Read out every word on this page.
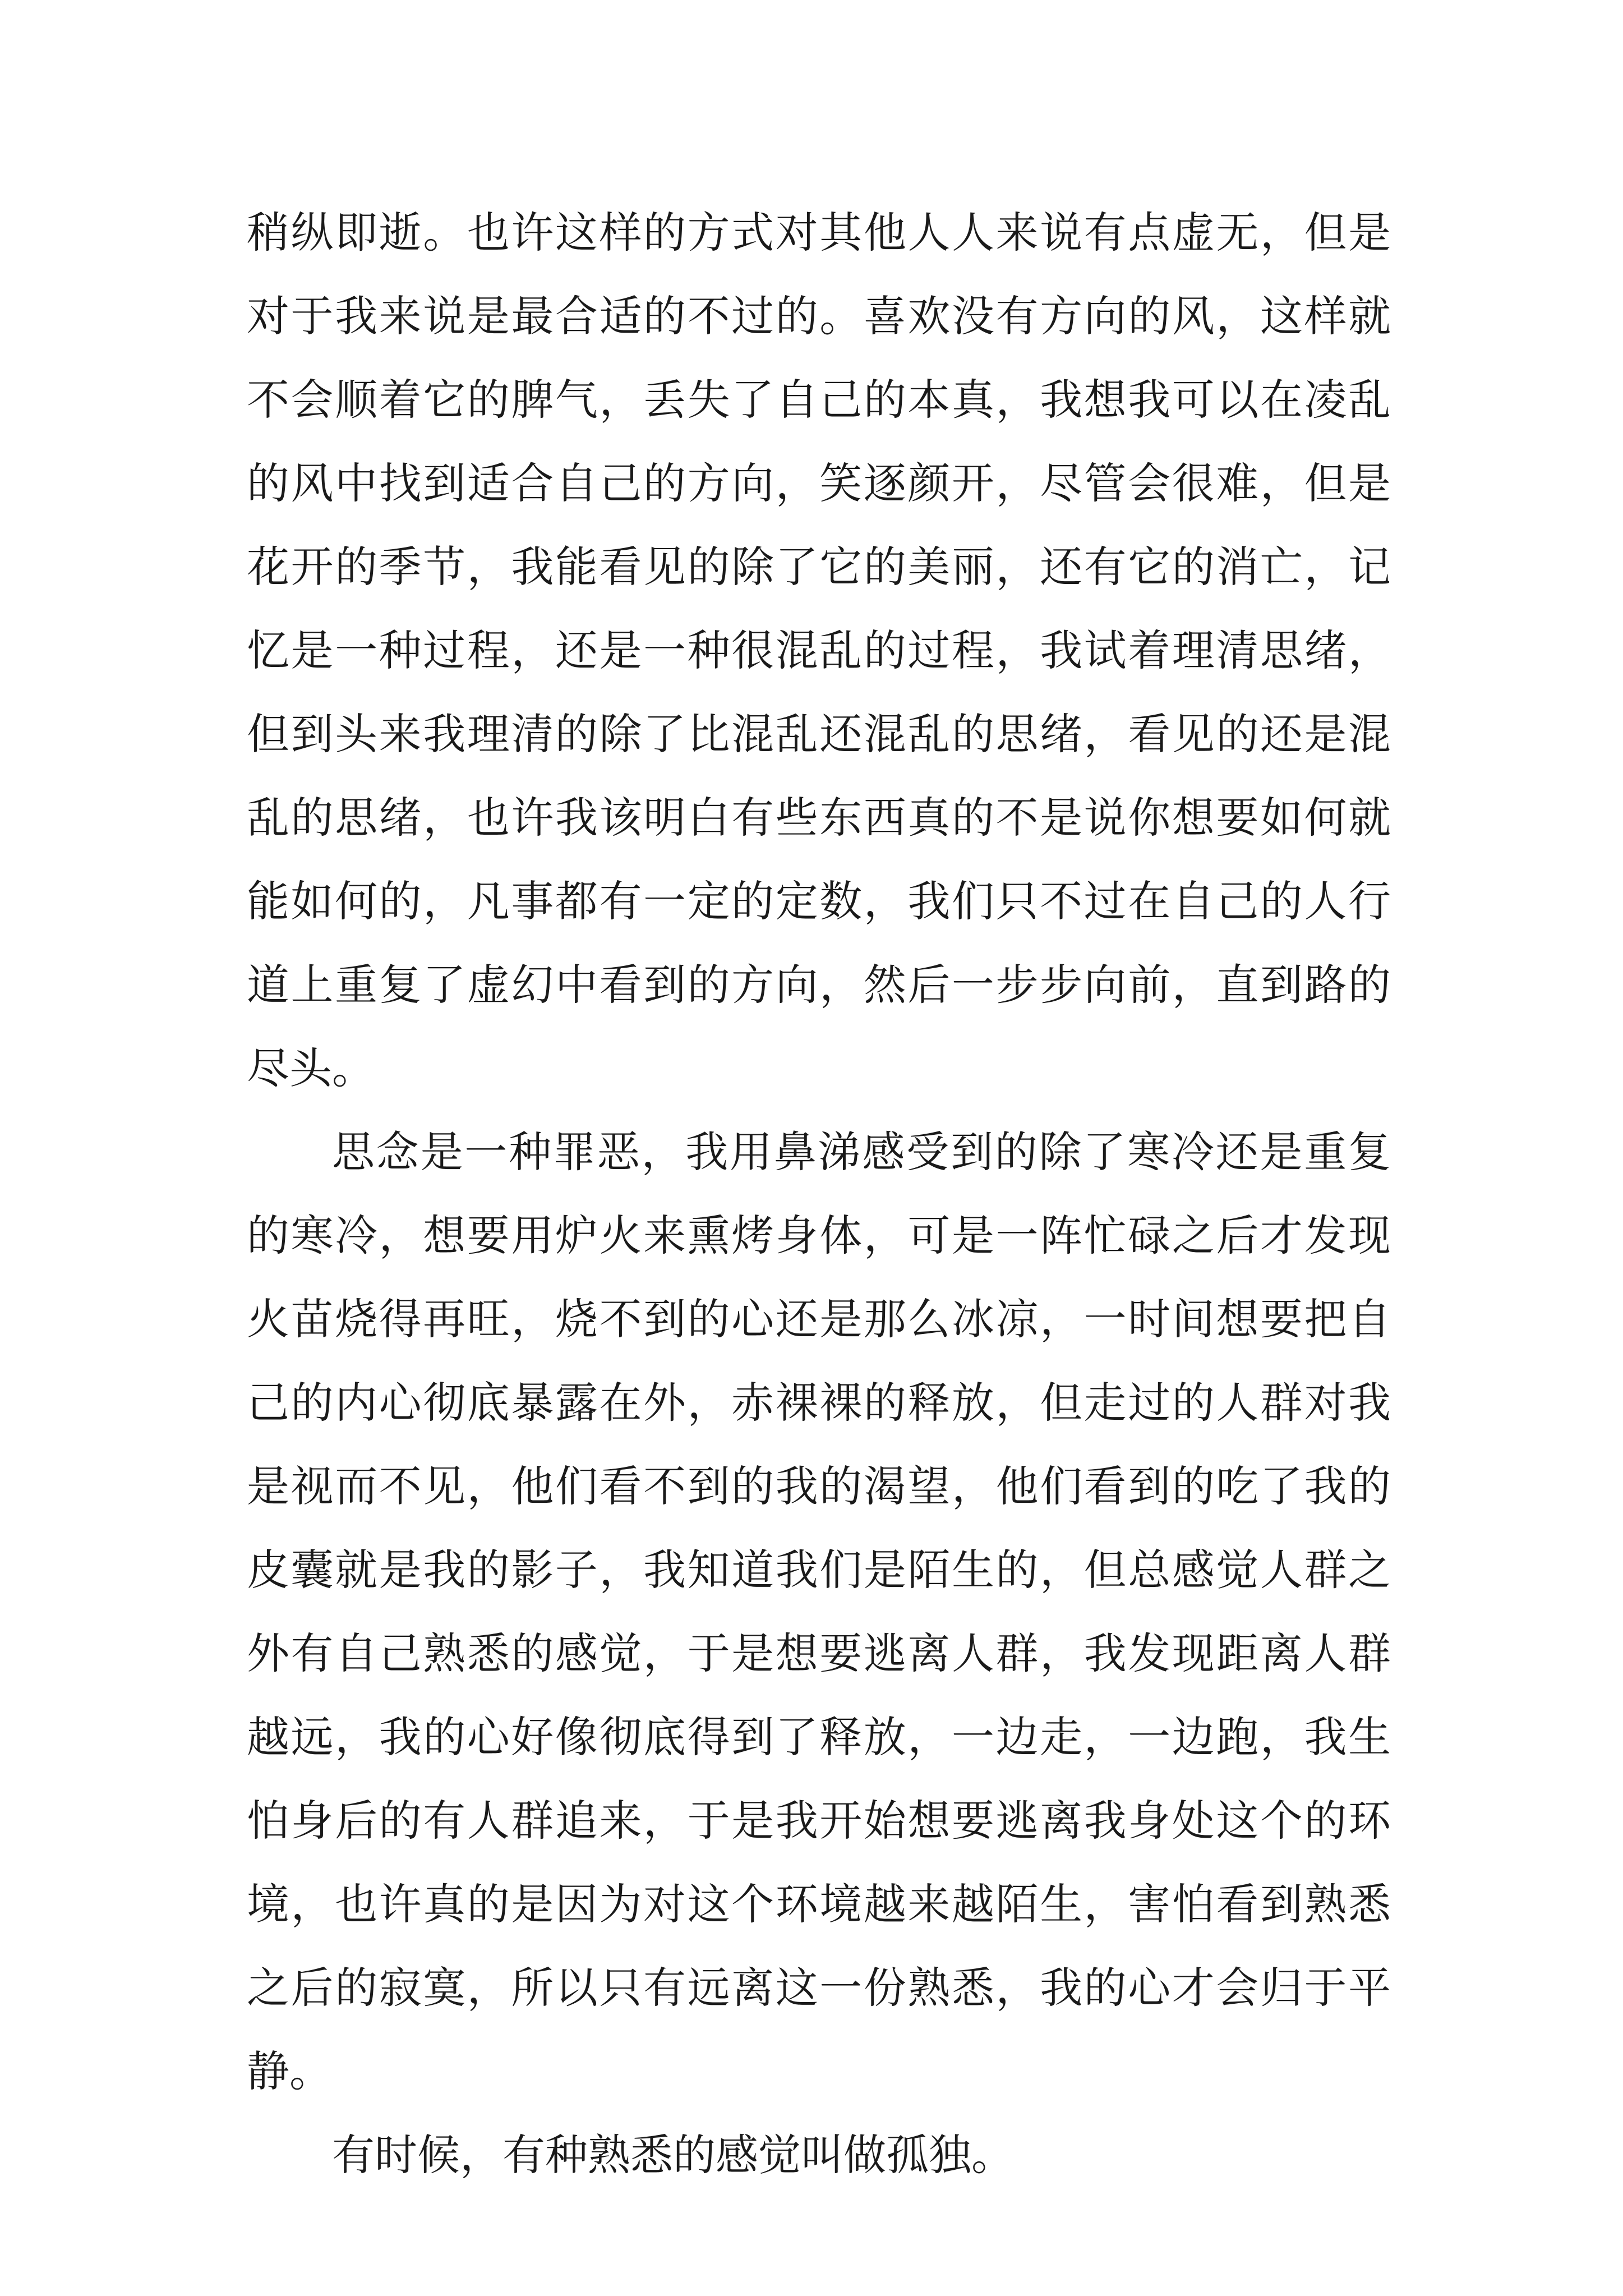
稍纵即逝。也许这样的方式对其他人人来说有点虚无，但是对于我来说是最合适的不过的。喜欢没有方向的风，这样就不会顺着它的脾气，丢失了自己的本真，我想我可以在凌乱的风中找到适合自己的方向，笑逐颜开，尽管会很难，但是花开的季节，我能看见的除了它的美丽，还有它的消亡，记忆是一种过程，还是一种很混乱的过程，我试着理清思绪，但到头来我理清的除了比混乱还混乱的思绪，看见的还是混乱的思绪，也许我该明白有些东西真的不是说你想要如何就能如何的，凡事都有一定的定数，我们只不过在自己的人行道上重复了虚幻中看到的方向，然后一步步向前，直到路的尽头。

思念是一种罪恶，我用鼻涕感受到的除了寒冷还是重复的寒冷，想要用炉火来熏烤身体，可是一阵忙碌之后才发现火苗烧得再旺，烧不到的心还是那么冰凉，一时间想要把自己的内心彻底暴露在外，赤裸裸的释放，但走过的人群对我是视而不见，他们看不到的我的渴望，他们看到的吃了我的皮囊就是我的影子，我知道我们是陌生的，但总感觉人群之外有自己熟悉的感觉，于是想要逃离人群，我发现距离人群越远，我的心好像彻底得到了释放，一边走，一边跑，我生怕身后的有人群追来，于是我开始想要逃离我身处这个的环境，也许真的是因为对这个环境越来越陌生，害怕看到熟悉之后的寂寞，所以只有远离这一份熟悉，我的心才会归于平静。

有时候，有种熟悉的感觉叫做孤独。
